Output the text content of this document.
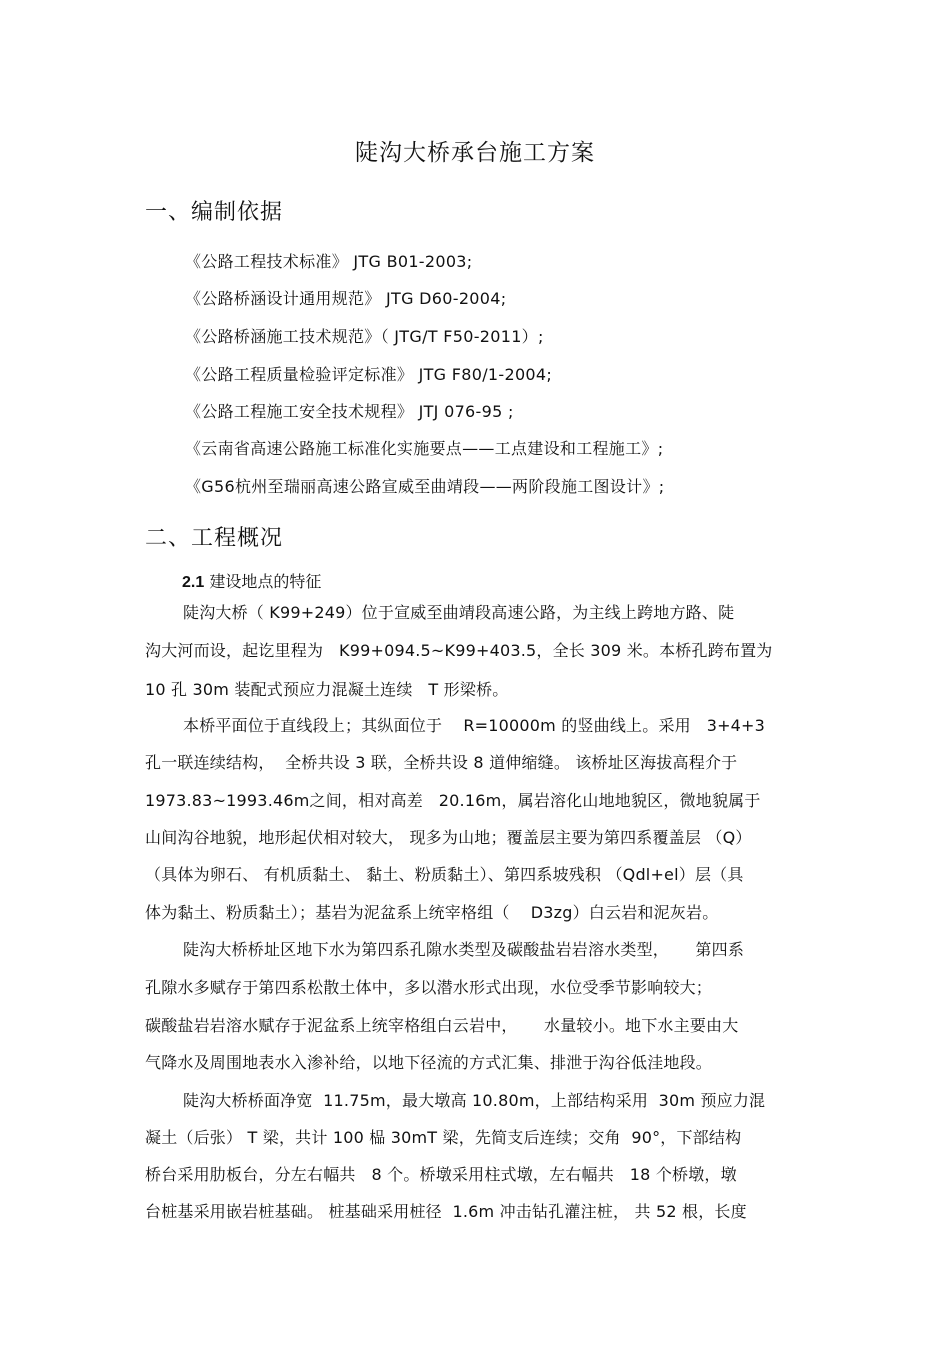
陡沟大桥承台施工方案
一、编制依据
《公路工程技术标准》 JTG B01-2003;
《公路桥涵设计通用规范》 JTG D60-2004;
《公路桥涵施工技术规范》（ JTG/T F50-2011）;
《公路工程质量检验评定标准》 JTG F80/1-2004;
《公路工程施工安全技术规程》 JTJ 076-95 ;
《云南省高速公路施工标准化实施要点——工点建设和工程施工》;
《G56杭州至瑞丽高速公路宣威至曲靖段——两阶段施工图设计》;
二、工程概况
2.1 建设地点的特征
陡沟大桥（ K99+249）位于宣威至曲靖段高速公路，为主线上跨地方路、陡
沟大河而设，起讫里程为   K99+094.5~K99+403.5，全长 309 米。本桥孔跨布置为
10 孔 30m 装配式预应力混凝土连续   T 形梁桥。
本桥平面位于直线段上；其纵面位于    R=10000m 的竖曲线上。采用   3+4+3
孔一联连续结构，  全桥共设 3 联，全桥共设 8 道伸缩缝。 该桥址区海拔高程介于
1973.83~1993.46m之间，相对高差   20.16m，属岩溶化山地地貌区，微地貌属于
山间沟谷地貌，地形起伏相对较大， 现多为山地；覆盖层主要为第四系覆盖层 （Q）
（具体为卵石、 有机质黏土、 黏土、粉质黏土）、第四系坡残积 （Qdl+el）层（具
体为黏土、粉质黏土）；基岩为泥盆系上统宰格组（    D3zg）白云岩和泥灰岩。
陡沟大桥桥址区地下水为第四系孔隙水类型及碳酸盐岩岩溶水类型，     第四系
孔隙水多赋存于第四系松散土体中，多以潜水形式出现，水位受季节影响较大；
碳酸盐岩岩溶水赋存于泥盆系上统宰格组白云岩中，     水量较小。地下水主要由大
气降水及周围地表水入渗补给，以地下径流的方式汇集、排泄于沟谷低洼地段。
陡沟大桥桥面净宽  11.75m，最大墩高 10.80m，上部结构采用  30m 预应力混
凝土（后张） T 梁，共计 100 榀 30mT 梁，先简支后连续；交角  90°，下部结构
桥台采用肋板台，分左右幅共   8 个。桥墩采用柱式墩，左右幅共   18 个桥墩，墩
台桩基采用嵌岩桩基础。 桩基础采用桩径  1.6m 冲击钻孔灌注桩， 共 52 根，长度
